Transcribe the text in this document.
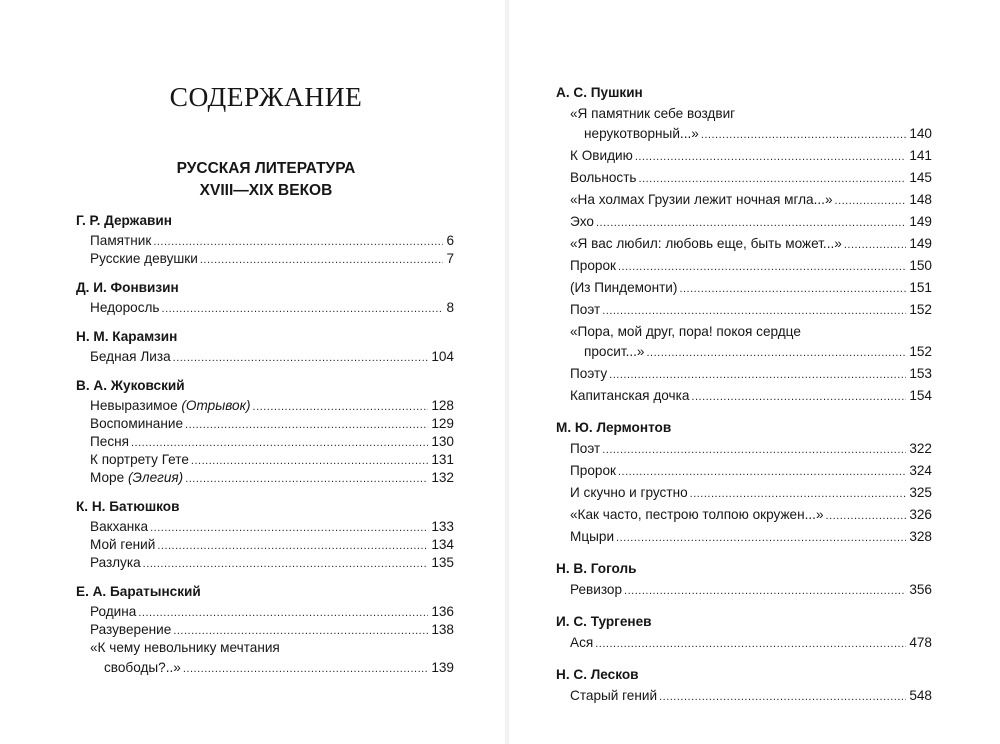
СОДЕРЖАНИЕ
РУССКАЯ ЛИТЕРАТУРА
XVIII—XIX ВЕКОВ
Г. Р. Державин
Памятник .....	6
Русские девушки .....	7
Д. И. Фонвизин
Недоросль .....	8
Н. М. Карамзин
Бедная Лиза .....	104
В. А. Жуковский
Невыразимое (Отрывок) .....	128
Воспоминание .....	129
Песня .....	130
К портрету Гете .....	131
Море (Элегия) .....	132
К. Н. Батюшков
Вакханка .....	133
Мой гений .....	134
Разлука .....	135
Е. А. Баратынский
Родина .....	136
Разуверение .....	138
«К чему невольнику мечтания
свободы?..» .....	139
А. С. Пушкин
«Я памятник себе воздвиг
нерукотворный...» .....	140
К Овидию .....	141
Вольность .....	145
«На холмах Грузии лежит ночная мгла...» .....	148
Эхо .....	149
«Я вас любил: любовь еще, быть может...» .....	149
Пророк .....	150
(Из Пиндемонти) .....	151
Поэт .....	152
«Пора, мой друг, пора! покоя сердце
просит...» .....	152
Поэту .....	153
Капитанская дочка .....	154
М. Ю. Лермонтов
Поэт .....	322
Пророк .....	324
И скучно и грустно .....	325
«Как часто, пестрою толпою окружен...» .....	326
Мцыри .....	328
Н. В. Гоголь
Ревизор .....	356
И. С. Тургенев
Ася .....	478
Н. С. Лесков
Старый гений .....	548
